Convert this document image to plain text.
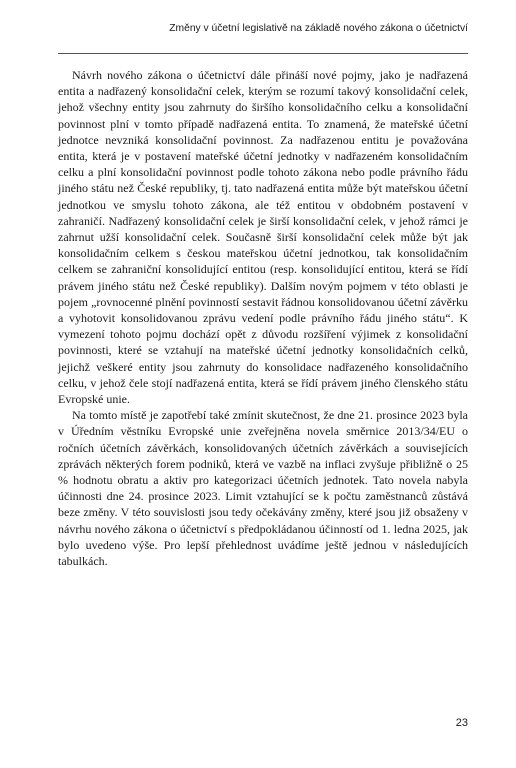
Změny v účetní legislativě na základě nového zákona o účetnictví

Návrh nového zákona o účetnictví dále přináší nové pojmy, jako je nadřazená entita a nadřazený konsolidační celek, kterým se rozumí takový konsolidační celek, jehož všechny entity jsou zahrnuty do širšího konsolidačního celku a konsolidační povinnost plní v tomto případě nadřazená entita. To znamená, že mateřské účetní jednotce nevzniká konsolidační povinnost. Za nadřazenou entitu je považována entita, která je v postavení mateřské účetní jednotky v nadřazeném konsolidačním celku a plní konsolidační povinnost podle tohoto zákona nebo podle právního řádu jiného státu než České republiky, tj. tato nadřazená entita může být mateřskou účetní jednotkou ve smyslu tohoto zákona, ale též entitou v obdobném postavení v zahraničí. Nadřazený konsolidační celek je širší konsolidační celek, v jehož rámci je zahrnut užší konsolidační celek. Současně širší konsolidační celek může být jak konsolidačním celkem s českou mateřskou účetní jednotkou, tak konsolidačním celkem se zahraniční konsolidující entitou (resp. konsolidující entitou, která se řídí právem jiného státu než České republiky). Dalším novým pojmem v této oblasti je pojem „rovnocenné plnění povinností sestavit řádnou konsolidovanou účetní závěrku a vyhotovit konsolidovanou zprávu vedení podle právního řádu jiného státu“. K vymezení tohoto pojmu dochází opět z důvodu rozšíření výjimek z konsolidační povinnosti, které se vztahují na mateřské účetní jednotky konsolidačních celků, jejichž veškeré entity jsou zahrnuty do konsolidace nadřazeného konsolidačního celku, v jehož čele stojí nadřazená entita, která se řídí právem jiného členského státu Evropské unie.

Na tomto místě je zapotřebí také zmínit skutečnost, že dne 21. prosince 2023 byla v Úředním věstníku Evropské unie zveřejněna novela směrnice 2013/34/EU o ročních účetních závěrkách, konsolidovaných účetních závěrkách a souvisejících zprávách některých forem podniků, která ve vazbě na inflaci zvyšuje přibližně o 25 % hodnotu obratu a aktiv pro kategorizaci účetních jednotek. Tato novela nabyla účinnosti dne 24. prosince 2023. Limit vztahující se k počtu zaměstnanců zůstává beze změny. V této souvislosti jsou tedy očekávány změny, které jsou již obsaženy v návrhu nového zákona o účetnictví s předpokládanou účinností od 1. ledna 2025, jak bylo uvedeno výše. Pro lepší přehlednost uvádíme ještě jednou v následujících tabulkách.

23
